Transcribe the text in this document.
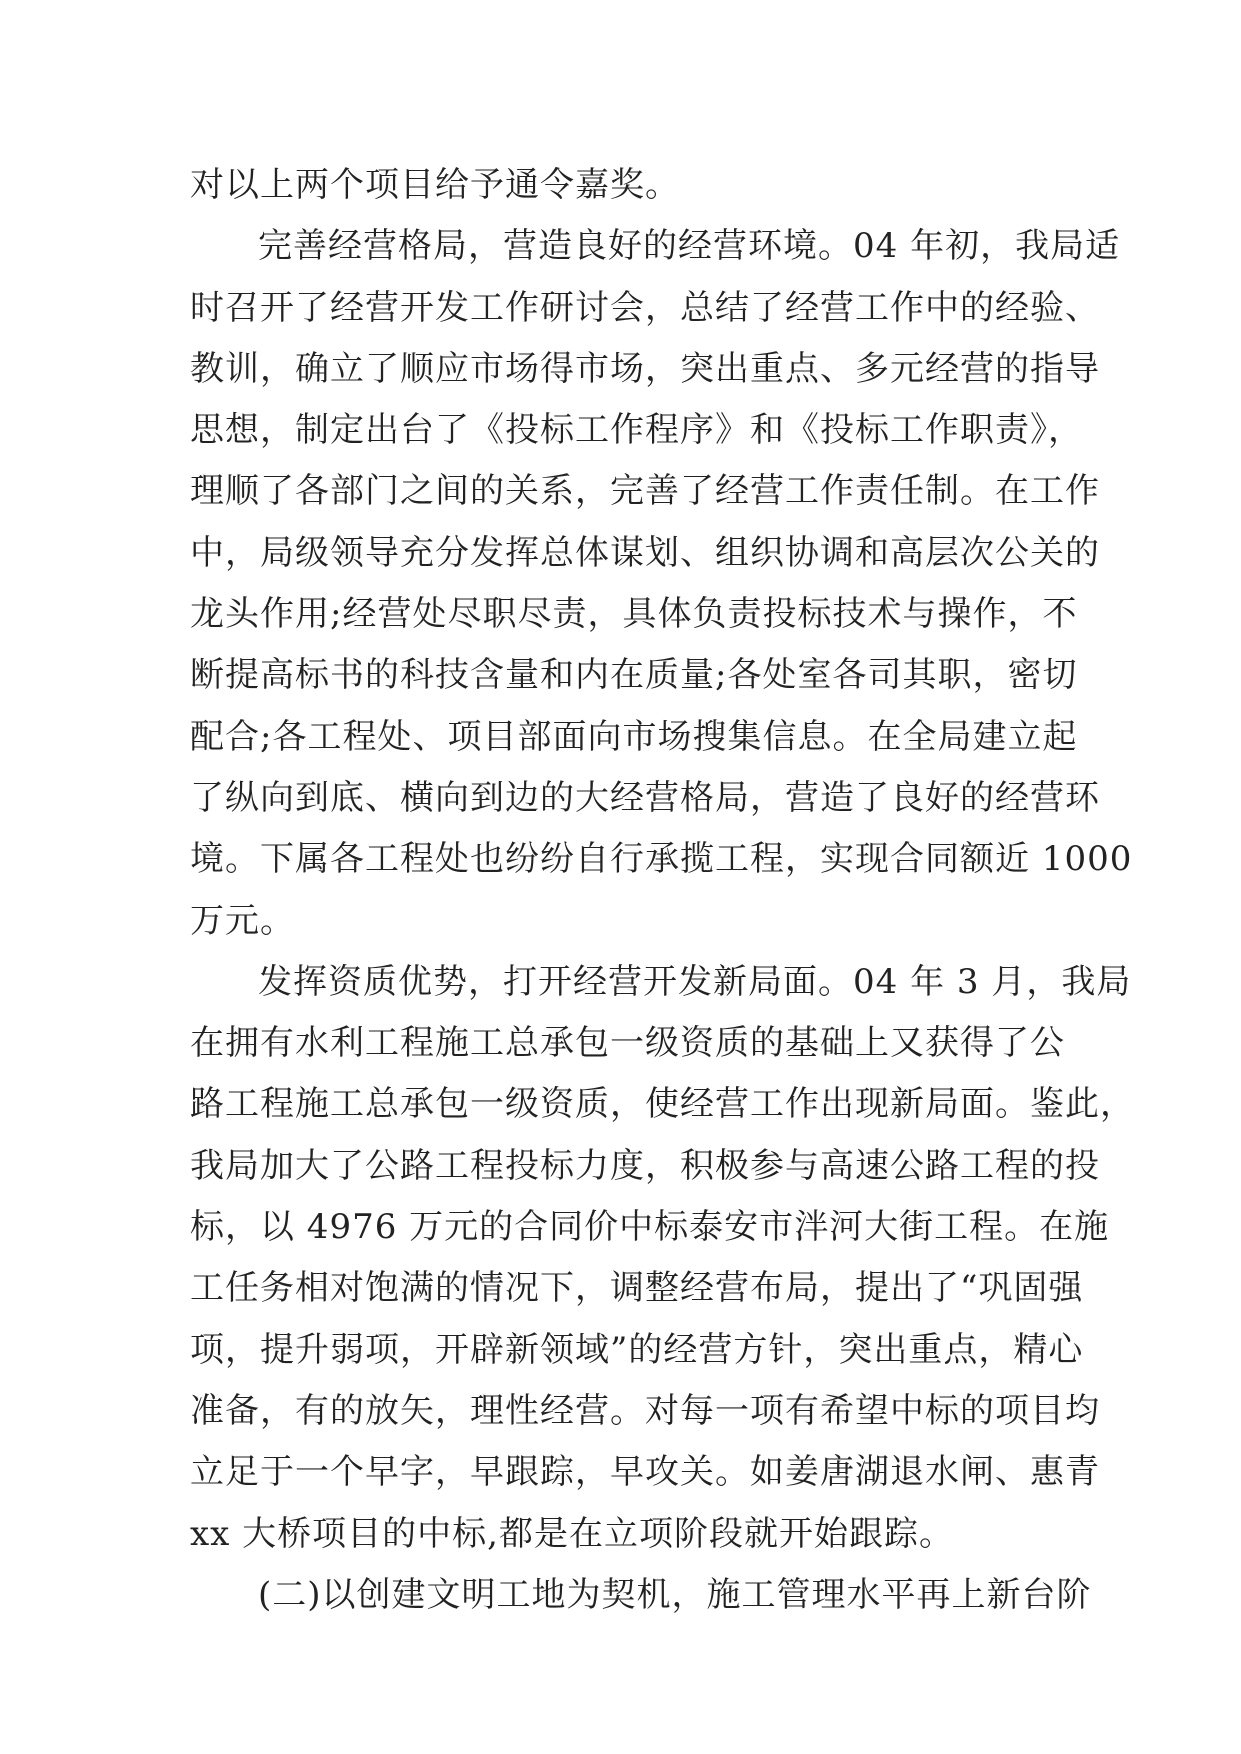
对以上两个项目给予通令嘉奖。
完善经营格局，营造良好的经营环境。04 年初，我局适
时召开了经营开发工作研讨会，总结了经营工作中的经验、
教训，确立了顺应市场得市场，突出重点、多元经营的指导
思想，制定出台了《投标工作程序》和《投标工作职责》，
理顺了各部门之间的关系，完善了经营工作责任制。在工作
中，局级领导充分发挥总体谋划、组织协调和高层次公关的
龙头作用;经营处尽职尽责，具体负责投标技术与操作，不
断提高标书的科技含量和内在质量;各处室各司其职，密切
配合;各工程处、项目部面向市场搜集信息。在全局建立起
了纵向到底、横向到边的大经营格局，营造了良好的经营环
境。下属各工程处也纷纷自行承揽工程，实现合同额近 1000
万元。
发挥资质优势，打开经营开发新局面。04 年 3 月，我局
在拥有水利工程施工总承包一级资质的基础上又获得了公
路工程施工总承包一级资质，使经营工作出现新局面。鉴此，
我局加大了公路工程投标力度，积极参与高速公路工程的投
标，以 4976 万元的合同价中标泰安市泮河大街工程。在施
工任务相对饱满的情况下，调整经营布局，提出了“巩固强
项，提升弱项，开辟新领域”的经营方针，突出重点，精心
准备，有的放矢，理性经营。对每一项有希望中标的项目均
立足于一个早字，早跟踪，早攻关。如姜唐湖退水闸、惠青
xx 大桥项目的中标,都是在立项阶段就开始跟踪。
(二)以创建文明工地为契机，施工管理水平再上新台阶
